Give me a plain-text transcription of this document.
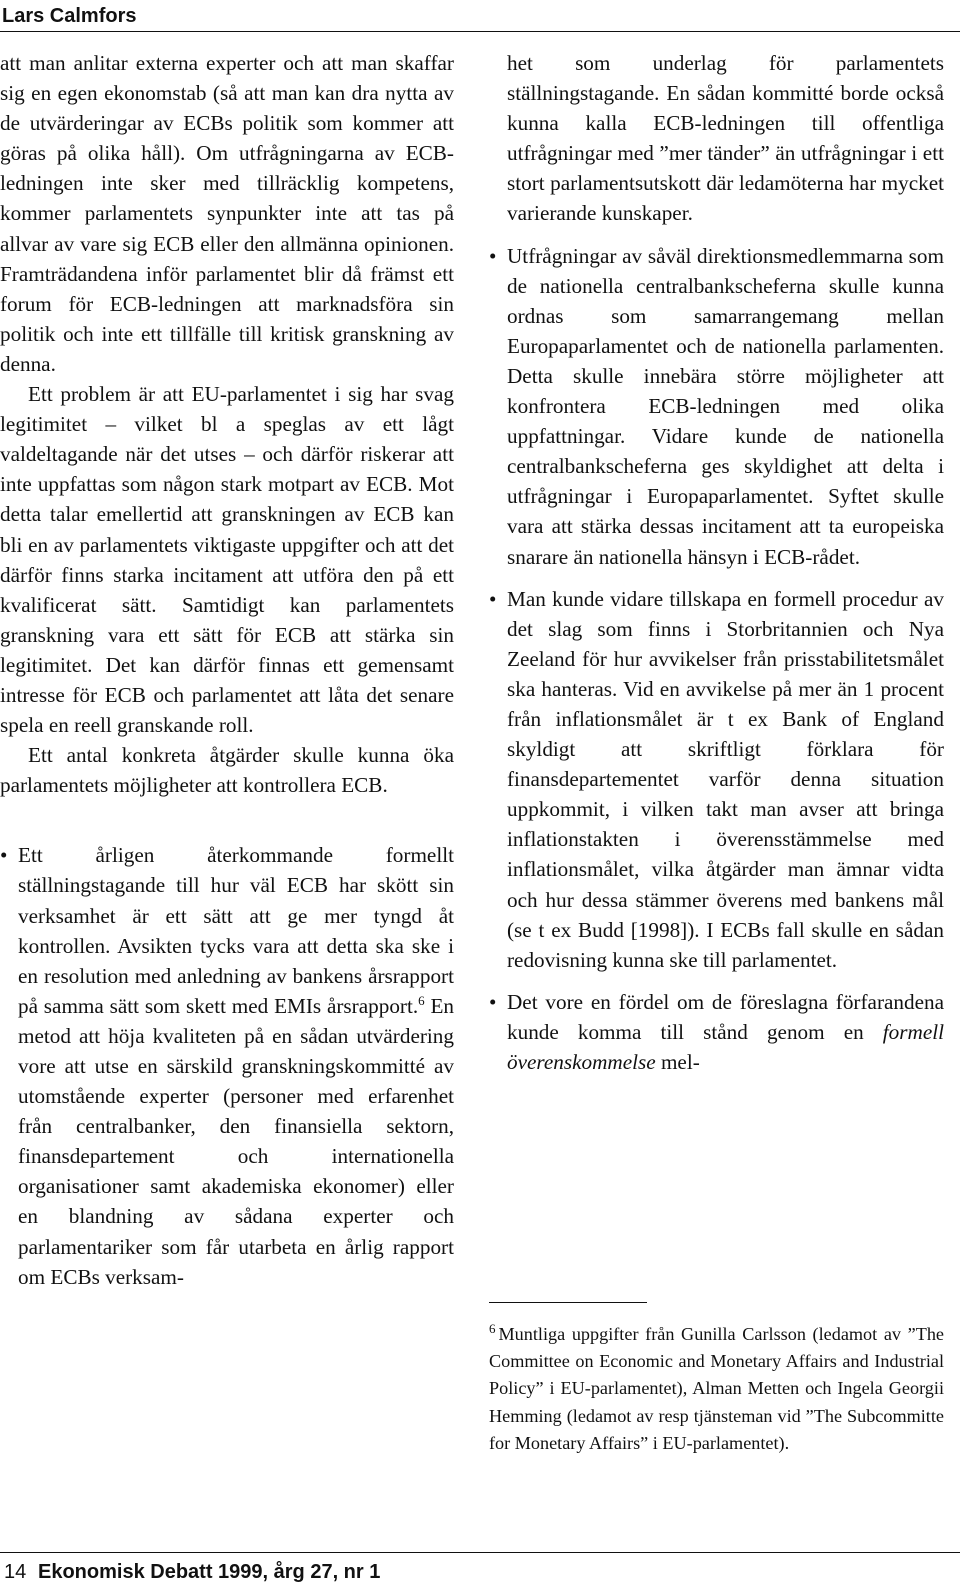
Lars Calmfors

att man anlitar externa experter och att man skaffar sig en egen ekonomstab (så att man kan dra nytta av de utvärderingar av ECBs politik som kommer att göras på olika håll). Om utfrågningarna av ECB-ledningen inte sker med tillräcklig kompetens, kommer parlamentets synpunkter inte att tas på allvar av vare sig ECB eller den allmänna opinionen. Framträdandena inför parlamentet blir då främst ett forum för ECB-ledningen att marknadsföra sin politik och inte ett tillfälle till kritisk granskning av denna.

Ett problem är att EU-parlamentet i sig har svag legitimitet – vilket bl a speglas av ett lågt valdeltagande när det utses – och därför riskerar att inte uppfattas som någon stark motpart av ECB. Mot detta talar emellertid att granskningen av ECB kan bli en av parlamentets viktigaste uppgifter och att det därför finns starka incitament att utföra den på ett kvalificerat sätt. Samtidigt kan parlamentets granskning vara ett sätt för ECB att stärka sin legitimitet. Det kan därför finnas ett gemensamt intresse för ECB och parlamentet att låta det senare spela en reell granskande roll.

Ett antal konkreta åtgärder skulle kunna öka parlamentets möjligheter att kontrollera ECB.

• Ett årligen återkommande formellt ställningstagande till hur väl ECB har skött sin verksamhet är ett sätt att ge mer tyngd åt kontrollen. Avsikten tycks vara att detta ska ske i en resolution med anledning av bankens årsrapport på samma sätt som skett med EMIs årsrapport.$^6$ En metod att höja kvaliteten på en sådan utvärdering vore att utse en särskild granskningskommitté av utomstående experter (personer med erfarenhet från centralbanker, den finansiella sektorn, finansdepartement och internationella organisationer samt akademiska ekonomer) eller en blandning av sådana experter och parlamentariker som får utarbeta en årlig rapport om ECBs verksam-
het som underlag för parlamentets ställningstagande. En sådan kommitté borde också kunna kalla ECB-ledningen till offentliga utfrågningar med ”mer tänder” än utfrågningar i ett stort parlamentsutskott där ledamöterna har mycket varierande kunskaper.
• Utfrågningar av såväl direktionsmedlemmarna som de nationella centralbankscheferna skulle kunna ordnas som samarrangemang mellan Europaparlamentet och de nationella parlamenten. Detta skulle innebära större möjligheter att konfrontera ECB-ledningen med olika uppfattningar. Vidare kunde de nationella centralbankscheferna ges skyldighet att delta i utfrågningar i Europaparlamentet. Syftet skulle vara att stärka dessas incitament att ta europeiska snarare än nationella hänsyn i ECB-rådet.
• Man kunde vidare tillskapa en formell procedur av det slag som finns i Storbritannien och Nya Zeeland för hur avvikelser från prisstabilitetsmålet ska hanteras. Vid en avvikelse på mer än 1 procent från inflationsmålet är t ex Bank of England skyldigt att skriftligt förklara för finansdepartementet varför denna situation uppkommit, i vilken takt man avser att bringa inflationstakten i överensstämmelse med inflationsmålet, vilka åtgärder man ämnar vidta och hur dessa stämmer överens med bankens mål (se t ex Budd [1998]). I ECBs fall skulle en sådan redovisning kunna ske till parlamentet.
• Det vore en fördel om de föreslagna förfarandena kunde komma till stånd genom en formell överenskommelse mel-
$^6$ Muntliga uppgifter från Gunilla Carlsson (ledamot av ”The Committee on Economic and Monetary Affairs and Industrial Policy” i EU-parlamentet), Alman Metten och Ingela Georgii Hemming (ledamot av resp tjänsteman vid ”The Subcommitte for Monetary Affairs” i EU-parlamentet).
14 Ekonomisk Debatt 1999, årg 27, nr 1
